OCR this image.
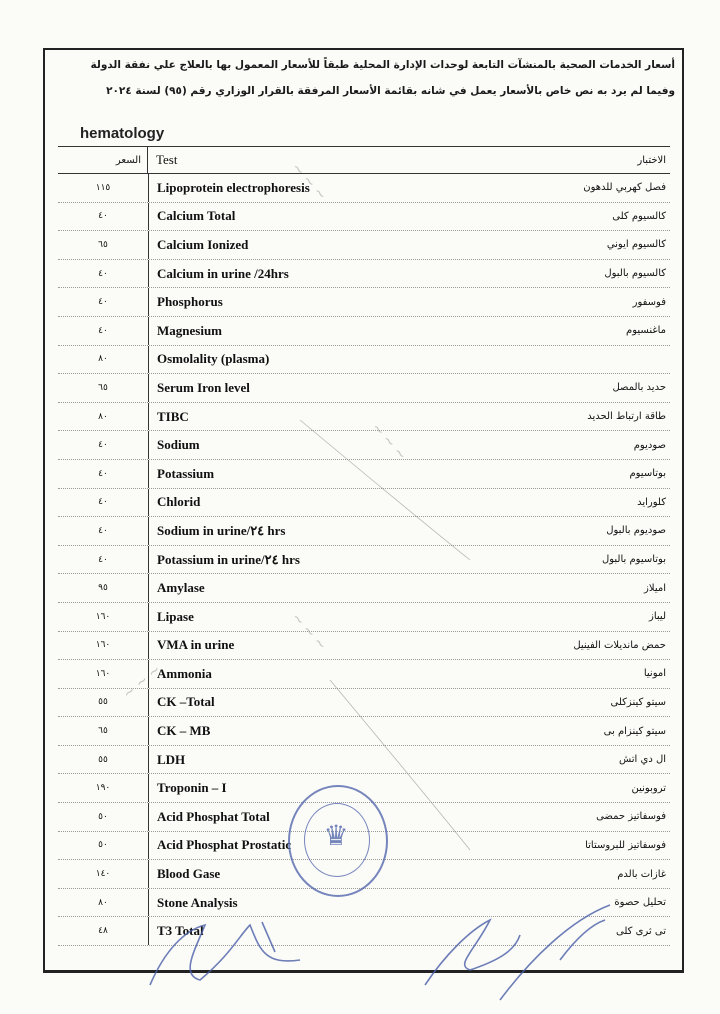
أسعار الخدمات الصحية بالمنشآت التابعة لوحدات الإدارة المحلية طبقاً للأسعار المعمول بها بالعلاج علي نفقة الدولة
وفيما لم يرد به نص خاص بالأسعار يعمل في شانه بقائمة الأسعار المرفقة بالقرار الوزاري رقم (٩٥) لسنة ٢٠٢٤
hematology
السعر	Test	الاختبار
١١٥	Lipoprotein electrophoresis	فصل كهربي للدهون
٤٠	Calcium Total	كالسيوم كلى
٦٥	Calcium Ionized	كالسيوم ايوني
٤٠	Calcium in urine /24hrs	كالسيوم بالبول
٤٠	Phosphorus	فوسفور
٤٠	Magnesium	ماغنسيوم
٨٠	Osmolality (plasma)
٦٥	Serum Iron level	حديد بالمصل
٨٠	TIBC	طاقة ارتباط الحديد
٤٠	Sodium	صوديوم
٤٠	Potassium	بوتاسيوم
٤٠	Chlorid	كلورايد
٤٠	Sodium in urine/٢٤ hrs	صوديوم بالبول
٤٠	Potassium in urine/٢٤ hrs	بوتاسيوم بالبول
٩٥	Amylase	اميلاز
١٦٠	Lipase	ليباز
١٦٠	VMA in urine	حمض مانديلات الفينيل
١٦٠	Ammonia	امونيا
٥٥	CK –Total	سيتو كينزكلى
٦٥	CK – MB	سيتو كينزام بى
٥٥	LDH	ال دي اتش
١٩٠	Troponin – I	تروبونين
٥٠	Acid Phosphat Total	فوسفاتيز حمضى
٥٠	Acid Phosphat Prostatic	فوسفاتيز للبروستاتا
١٤٠	Blood Gase	غازات بالدم
٨٠	Stone Analysis	تحليل حصوة
٤٨	T3 Total	تى ثرى كلى
~ ~ ~
~ ~ ~
~ ~ ~
~ ~ ~
♛
